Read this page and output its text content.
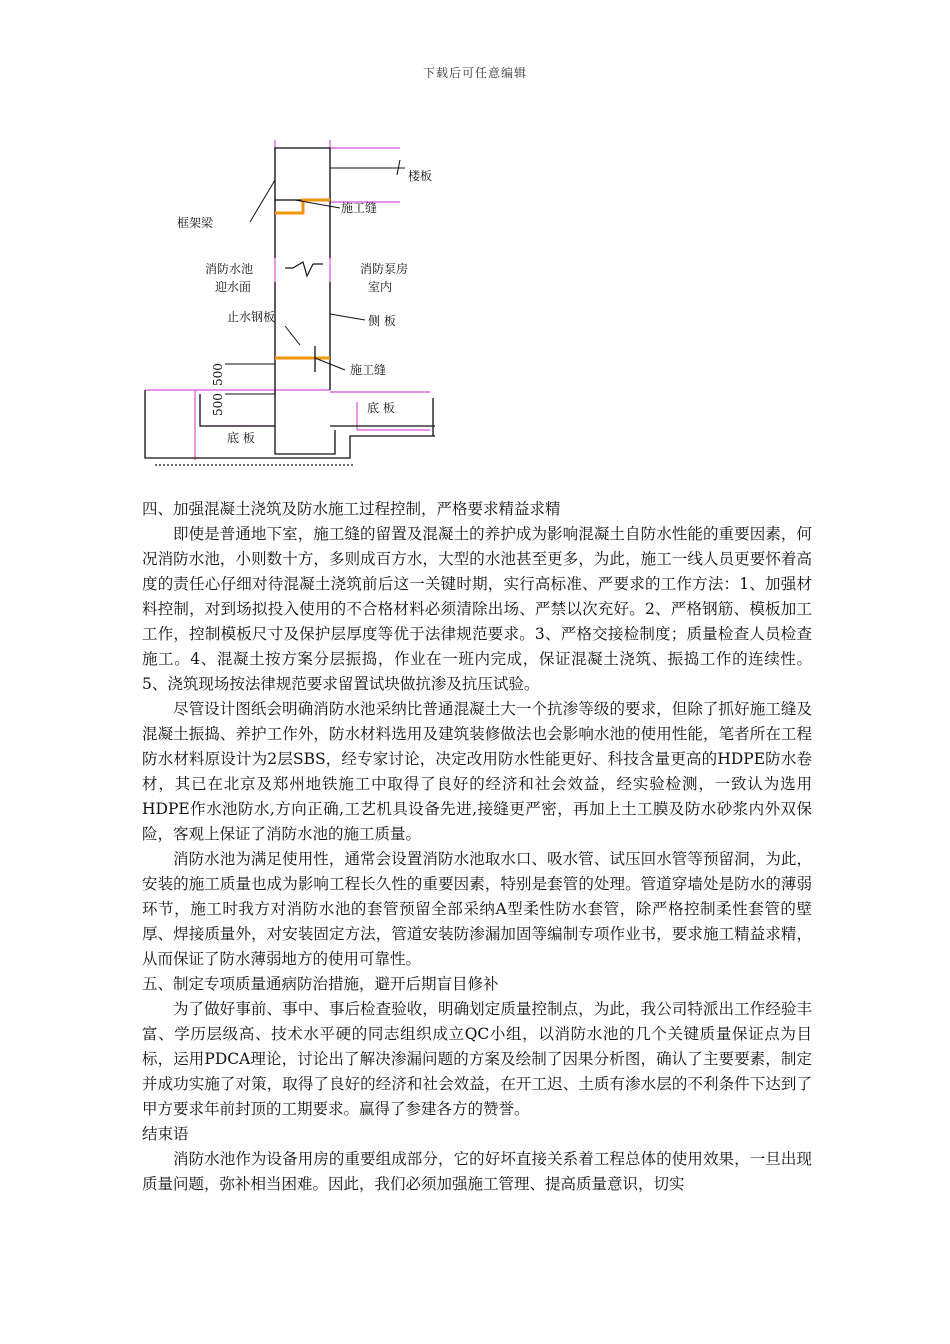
下载后可任意编辑
楼板
框架梁
施工缝
消防水池
迎水面
消防泵房
室内
止水钢板	侧 板
施工缝
500
500	底 板
底 板

四、加强混凝土浇筑及防水施工过程控制，严格要求精益求精

即使是普通地下室，施工缝的留置及混凝土的养护成为影响混凝土自防水性能的重要因素，何况消防水池，小则数十方，多则成百方水，大型的水池甚至更多，为此，施工一线人员更要怀着高度的责任心仔细对待混凝土浇筑前后这一关键时期，实行高标准、严要求的工作方法：1、加强材料控制，对到场拟投入使用的不合格材料必须清除出场、严禁以次充好。2、严格钢筋、模板加工工作，控制模板尺寸及保护层厚度等优于法律规范要求。3、严格交接检制度；质量检查人员检查施工。4、混凝土按方案分层振捣，作业在一班内完成，保证混凝土浇筑、振捣工作的连续性。5、浇筑现场按法律规范要求留置试块做抗渗及抗压试验。

尽管设计图纸会明确消防水池采纳比普通混凝土大一个抗渗等级的要求，但除了抓好施工缝及混凝土振捣、养护工作外，防水材料选用及建筑装修做法也会影响水池的使用性能，笔者所在工程防水材料原设计为2层SBS，经专家讨论，决定改用防水性能更好、科技含量更高的HDPE防水卷材，其已在北京及郑州地铁施工中取得了良好的经济和社会效益，经实验检测，一致认为选用HDPE作水池防水,方向正确,工艺机具设备先进,接缝更严密，再加上土工膜及防水砂浆内外双保险，客观上保证了消防水池的施工质量。

消防水池为满足使用性，通常会设置消防水池取水口、吸水管、试压回水管等预留洞，为此，安装的施工质量也成为影响工程长久性的重要因素，特别是套管的处理。管道穿墙处是防水的薄弱环节，施工时我方对消防水池的套管预留全部采纳A型柔性防水套管，除严格控制柔性套管的壁厚、焊接质量外，对安装固定方法，管道安装防渗漏加固等编制专项作业书，要求施工精益求精，从而保证了防水薄弱地方的使用可靠性。

五、制定专项质量通病防治措施，避开后期盲目修补

为了做好事前、事中、事后检查验收，明确划定质量控制点，为此，我公司特派出工作经验丰富、学历层级高、技术水平硬的同志组织成立QC小组，以消防水池的几个关键质量保证点为目标，运用PDCA理论，讨论出了解决渗漏问题的方案及绘制了因果分析图，确认了主要要素，制定并成功实施了对策，取得了良好的经济和社会效益，在开工迟、土质有渗水层的不利条件下达到了甲方要求年前封顶的工期要求。赢得了参建各方的赞誉。

结束语

消防水池作为设备用房的重要组成部分，它的好坏直接关系着工程总体的使用效果，一旦出现质量问题，弥补相当困难。因此，我们必须加强施工管理、提高质量意识，切实
